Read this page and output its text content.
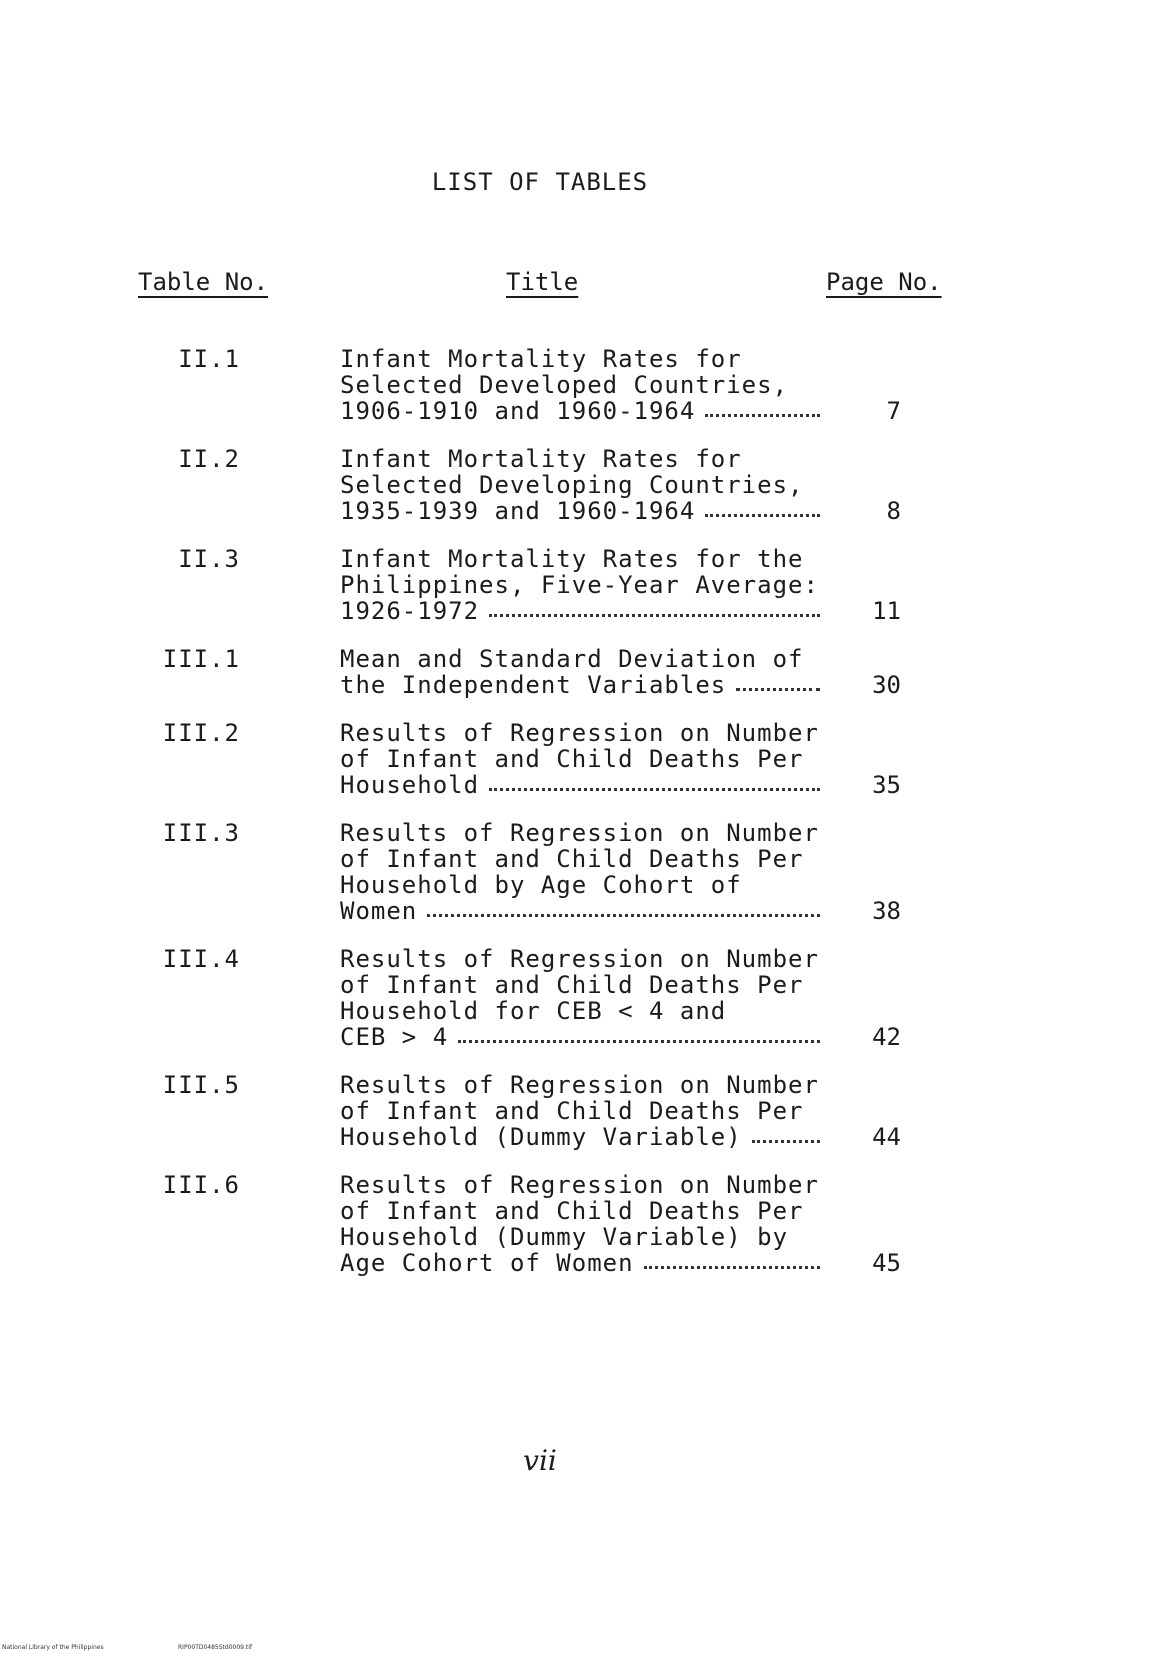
LIST OF TABLES
Table No.	Title	Page No.
II.1	Infant Mortality Rates for
Selected Developed Countries,
1906-1910 and 1960-1964	7
II.2	Infant Mortality Rates for
Selected Developing Countries,
1935-1939 and 1960-1964	8
II.3	Infant Mortality Rates for the
Philippines, Five-Year Average:
1926-1972	11
III.1	Mean and Standard Deviation of
the Independent Variables	30
III.2	Results of Regression on Number
of Infant and Child Deaths Per
Household	35
III.3	Results of Regression on Number
of Infant and Child Deaths Per
Household by Age Cohort of
Women	38
III.4	Results of Regression on Number
of Infant and Child Deaths Per
Household for CEB < 4 and
CEB > 4	42
III.5	Results of Regression on Number
of Infant and Child Deaths Per
Household (Dummy Variable)	44
III.6	Results of Regression on Number
of Infant and Child Deaths Per
Household (Dummy Variable) by
Age Cohort of Women	45
vii
National Library of the Philippines	RIP00TD0485Std0009.tif
